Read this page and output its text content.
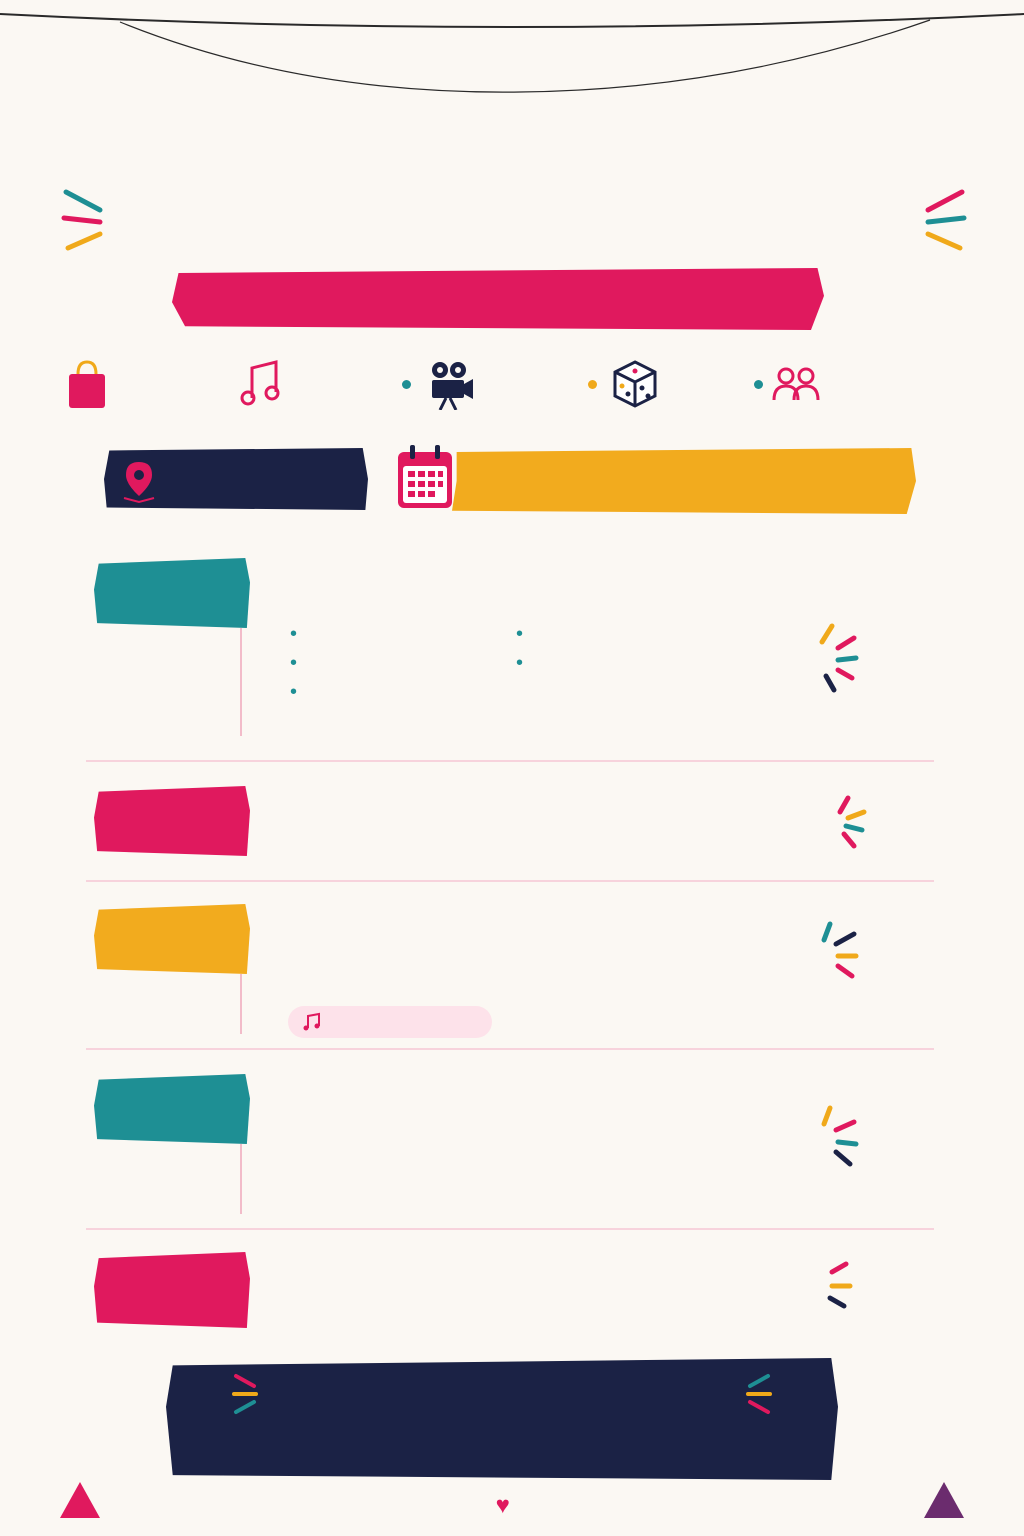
•
•
•
•
•
♥
